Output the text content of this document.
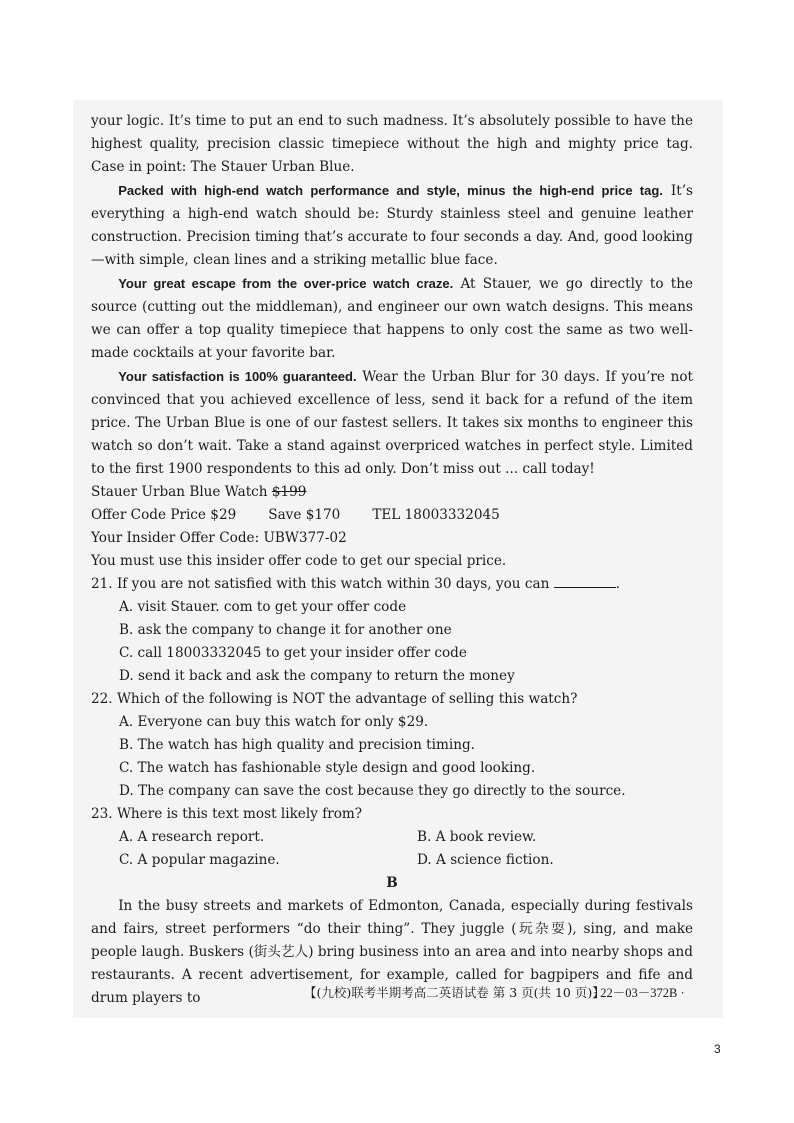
your logic. It’s time to put an end to such madness. It’s absolutely possible to have the highest quality, precision classic timepiece without the high and mighty price tag. Case in point: The Stauer Urban Blue.

Packed with high-end watch performance and style, minus the high-end price tag. It’s everything a high-end watch should be: Sturdy stainless steel and genuine leather construction. Precision timing that’s accurate to four seconds a day. And, good looking—with simple, clean lines and a striking metallic blue face.

Your great escape from the over-price watch craze. At Stauer, we go directly to the source (cutting out the middleman), and engineer our own watch designs. This means we can offer a top quality timepiece that happens to only cost the same as two well-made cocktails at your favorite bar.

Your satisfaction is 100% guaranteed. Wear the Urban Blur for 30 days. If you’re not convinced that you achieved excellence of less, send it back for a refund of the item price. The Urban Blue is one of our fastest sellers. It takes six months to engineer this watch so don’t wait. Take a stand against overpriced watches in perfect style. Limited to the first 1900 respondents to this ad only. Don’t miss out ... call today!

Stauer Urban Blue Watch $199

Offer Code Price $29 Save $170 TEL 18003332045

Your Insider Offer Code: UBW377-02

You must use this insider offer code to get our special price.

21. If you are not satisfied with this watch within 30 days, you can	.

A. visit Stauer. com to get your offer code

B. ask the company to change it for another one

C. call 18003332045 to get your insider offer code

D. send it back and ask the company to return the money

22. Which of the following is NOT the advantage of selling this watch?

A. Everyone can buy this watch for only $29.

B. The watch has high quality and precision timing.

C. The watch has fashionable style design and good looking.

D. The company can save the cost because they go directly to the source.

23. Where is this text most likely from?

A. A research report.	B. A book review.

C. A popular magazine.	D. A science fiction.

B

In the busy streets and markets of Edmonton, Canada, especially during festivals and fairs, street performers “do their thing”. They juggle (玩杂耍), sing, and make people laugh. Buskers (街头艺人) bring business into an area and into nearby shops and restaurants. A recent advertisement, for example, called for bagpipers and fife and drum players to	【(九校)联考半期考高二英语试卷 第 3 页(共 10 页)】
· 22－03－372B ·
3
